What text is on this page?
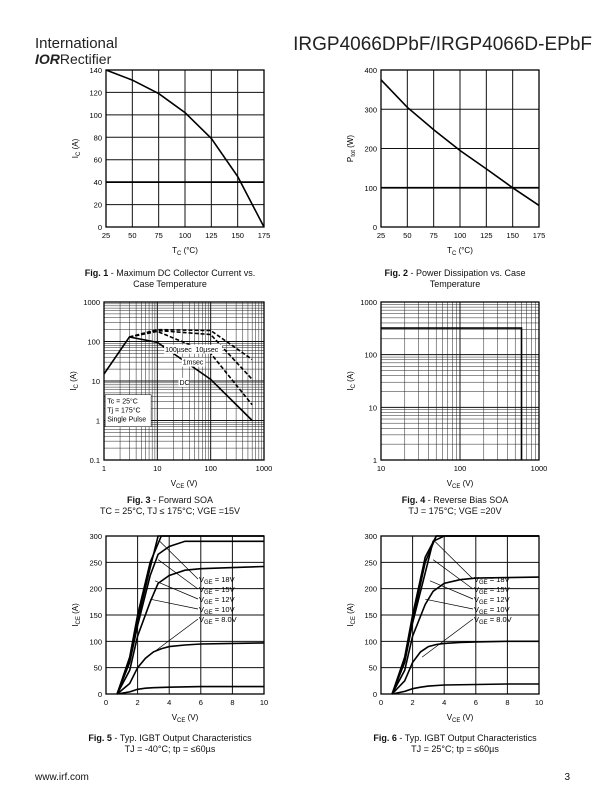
International
IORRectifier
IRGP4066DPbF/IRGP4066D-EPbF
25 50 75 100 125 150 175
0
20
40
60
80
100
120
140
$T_C$ (°C)
$I_C$ (A)
25 50 75 100 125 150 175
0
100
200
300
400
$T_C$ (°C)
$P_{tot}$ (W)
1	10	100	1000
0.1
1
10
100
1000
$V_{CE}$ (V)
$I_C$ (A)
100µsec 10µsec
1msec
DC
Tc = 25°C
Tj = 175°C
Single Pulse
10	100	1000
1
10
100
1000
$V_{CE}$ (V)
$I_C$ (A)
0	2	4	6	8	10
0
50
100
150
200
250
300
$V_{CE}$ (V)
$I_{CE}$ (A)
$V_{GE} = 18V$
$V_{GE} = 15V$
$V_{GE} = 12V$
$V_{GE} = 10V$
$V_{GE} = 8.0V$
0	2	4	6	8	10
0
50
100
150
200
250
300
$V_{CE}$ (V)
$I_{CE}$ (A)
$V_{GE} = 18V$
$V_{GE} = 15V$
$V_{GE} = 12V$
$V_{GE} = 10V$
$V_{GE} = 8.0V$
Fig. 1 - Maximum DC Collector Current vs.
Case Temperature
Fig. 2 - Power Dissipation vs. Case
Temperature
Fig. 3 - Forward SOA
TC = 25°C, TJ ≤ 175°C; VGE =15V
Fig. 4 - Reverse Bias SOA
TJ = 175°C; VGE =20V
Fig. 5 - Typ. IGBT Output Characteristics
TJ = -40°C; tp = ≤60µs
Fig. 6 - Typ. IGBT Output Characteristics
TJ = 25°C; tp = ≤60µs
www.irf.com	3
